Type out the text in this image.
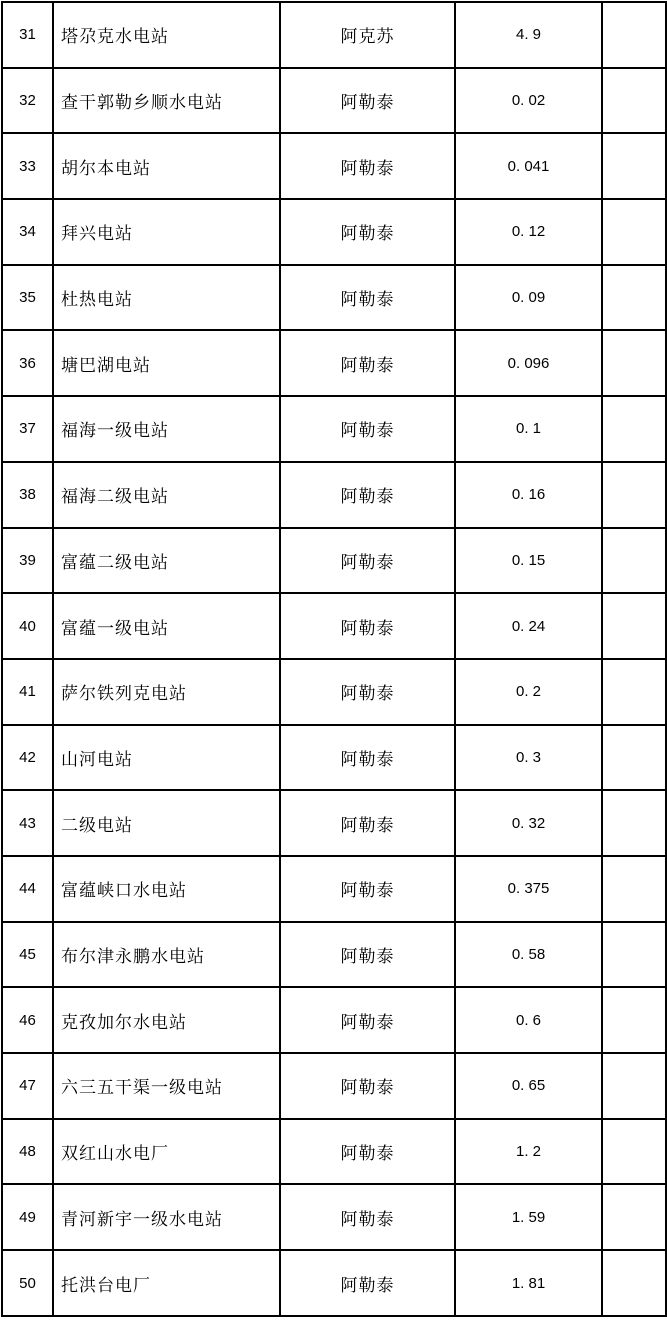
31	塔尕克水电站	阿克苏	4. 9	
32	查干郭勒乡顺水电站	阿勒泰	0. 02	
33	胡尔本电站	阿勒泰	0. 041	
34	拜兴电站	阿勒泰	0. 12	
35	杜热电站	阿勒泰	0. 09	
36	塘巴湖电站	阿勒泰	0. 096	
37	福海一级电站	阿勒泰	0. 1	
38	福海二级电站	阿勒泰	0. 16	
39	富蕴二级电站	阿勒泰	0. 15	
40	富蕴一级电站	阿勒泰	0. 24	
41	萨尔铁列克电站	阿勒泰	0. 2	
42	山河电站	阿勒泰	0. 3	
43	二级电站	阿勒泰	0. 32	
44	富蕴峡口水电站	阿勒泰	0. 375	
45	布尔津永鹏水电站	阿勒泰	0. 58	
46	克孜加尔水电站	阿勒泰	0. 6	
47	六三五干渠一级电站	阿勒泰	0. 65	
48	双红山水电厂	阿勒泰	1. 2	
49	青河新宇一级水电站	阿勒泰	1. 59	
50	托洪台电厂	阿勒泰	1. 81	
